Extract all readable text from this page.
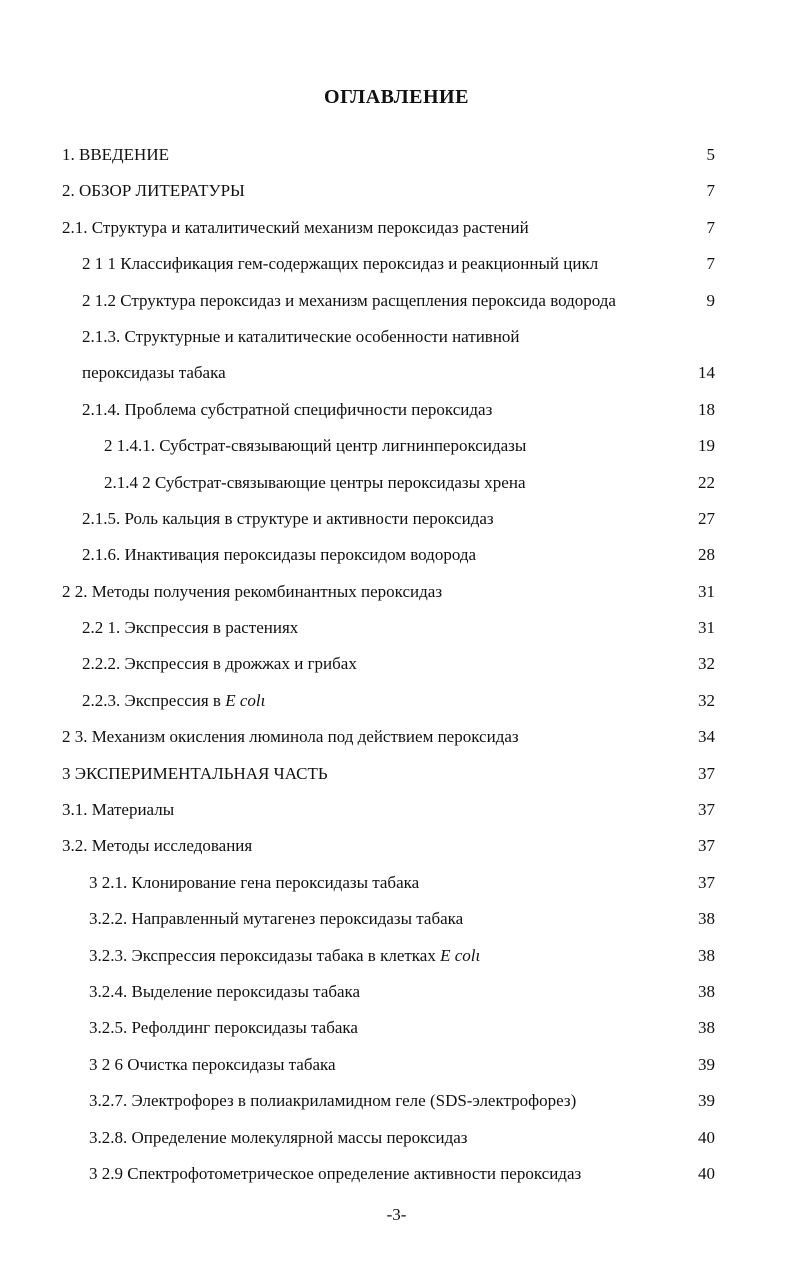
ОГЛАВЛЕНИЕ
1. ВВЕДЕНИЕ	5
2. ОБЗОР ЛИТЕРАТУРЫ	7
2.1. Структура и каталитический механизм пероксидаз растений	7
2 1 1 Классификация гем-содержащих пероксидаз и реакционный цикл	7
2 1.2 Структура пероксидаз и механизм расщепления пероксида водорода	9
2.1.3. Структурные и каталитические особенности нативной
пероксидазы табака	14
2.1.4. Проблема субстратной специфичности пероксидаз	18
2 1.4.1. Субстрат-связывающий центр лигнинпероксидазы	19
2.1.4 2 Субстрат-связывающие центры пероксидазы хрена	22
2.1.5. Роль кальция в структуре и активности пероксидаз	27
2.1.6. Инактивация пероксидазы пероксидом водорода	28
2 2. Методы получения рекомбинантных пероксидаз	31
2.2 1. Экспрессия в растениях	31
2.2.2. Экспрессия в дрожжах и грибах	32
2.2.3. Экспрессия в E colι	32
2 3. Механизм окисления люминола под действием пероксидаз	34
3 ЭКСПЕРИМЕНТАЛЬНАЯ ЧАСТЬ	37
3.1. Материалы	37
3.2. Методы исследования	37
3 2.1. Клонирование гена пероксидазы табака	37
3.2.2. Направленный мутагенез пероксидазы табака	38
3.2.3. Экспрессия пероксидазы табака в клетках E colι	38
3.2.4. Выделение пероксидазы табака	38
3.2.5. Рефолдинг пероксидазы табака	38
3 2 6 Очистка пероксидазы табака	39
3.2.7. Электрофорез в полиакриламидном геле (SDS-электрофорез)	39
3.2.8. Определение молекулярной массы пероксидаз	40
3 2.9 Спектрофотометрическое определение активности пероксидаз	40
-3-
